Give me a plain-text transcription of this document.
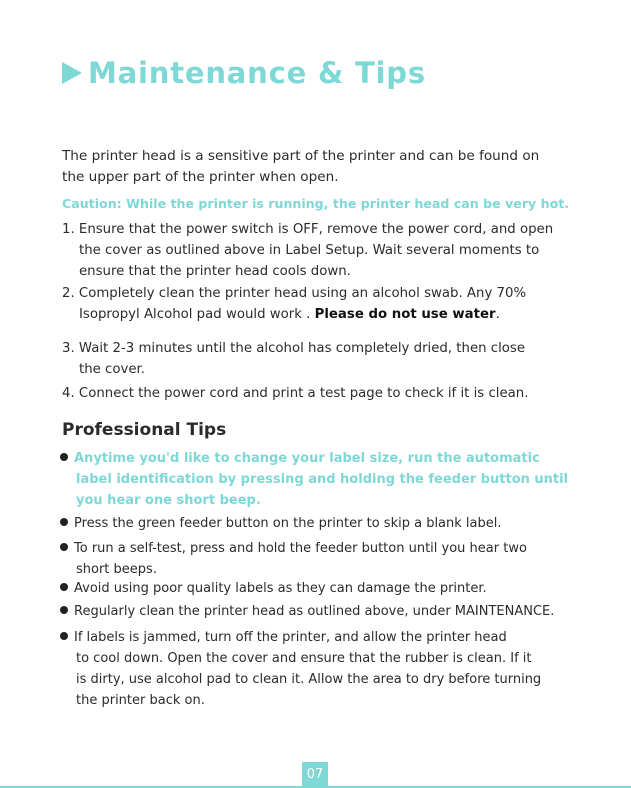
Maintenance & Tips
The printer head is a sensitive part of the printer and can be found on
the upper part of the printer when open.
Caution: While the printer is running, the printer head can be very hot.
1. Ensure that the power switch is OFF, remove the power cord, and open
the cover as outlined above in Label Setup. Wait several moments to
ensure that the printer head cools down.
2. Completely clean the printer head using an alcohol swab. Any 70%
Isopropyl Alcohol pad would work . Please do not use water.
3. Wait 2-3 minutes until the alcohol has completely dried, then close
the cover.
4. Connect the power cord and print a test page to check if it is clean.
Professional Tips
Anytime you'd like to change your label size, run the automatic
label identification by pressing and holding the feeder button until
you hear one short beep.
Press the green feeder button on the printer to skip a blank label.
To run a self-test, press and hold the feeder button until you hear two
short beeps.
Avoid using poor quality labels as they can damage the printer.
Regularly clean the printer head as outlined above, under MAINTENANCE.
If labels is jammed, turn off the printer, and allow the printer head
to cool down. Open the cover and ensure that the rubber is clean. If it
is dirty, use alcohol pad to clean it. Allow the area to dry before turning
the printer back on.
07
